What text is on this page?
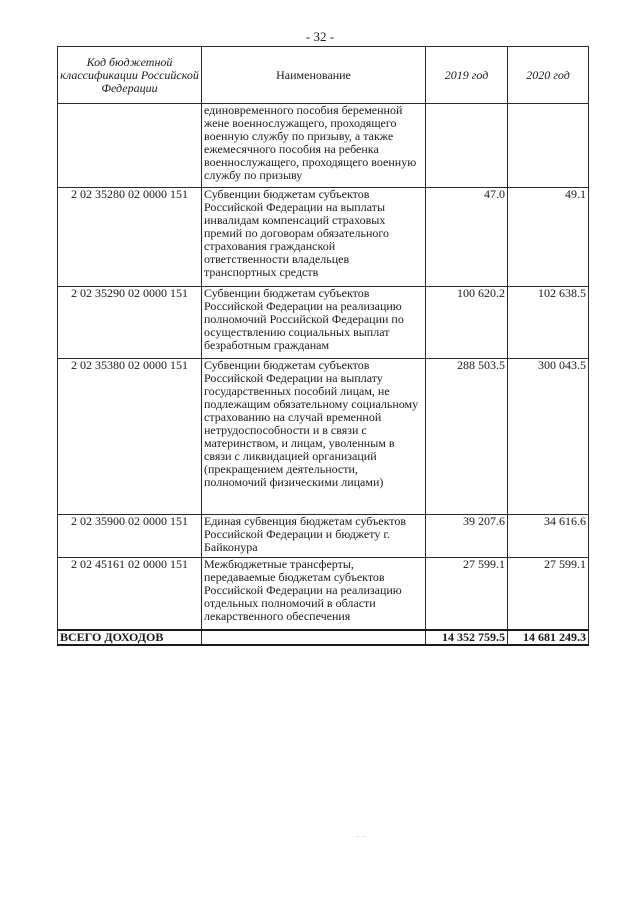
- 32 -
Код бюджетной классификации Российской Федерации	Наименование	2019 год	2020 год
	единовременного пособия беременной жене военнослужащего, проходящего военную службу по призыву, а также ежемесячного пособия на ребенка военнослужащего, проходящего военную службу по призыву		
2 02 35280 02 0000 151	Субвенции бюджетам субъектов Российской Федерации на выплаты инвалидам компенсаций страховых премий по договорам обязательного страхования гражданской ответственности владельцев транспортных средств	47.0	49.1
2 02 35290 02 0000 151	Субвенции бюджетам субъектов Российской Федерации на реализацию полномочий Российской Федерации по осуществлению социальных выплат безработным гражданам	100 620.2	102 638.5
2 02 35380 02 0000 151	Субвенции бюджетам субъектов Российской Федерации на выплату государственных пособий лицам, не подлежащим обязательному социальному страхованию на случай временной нетрудоспособности и в связи с материнством, и лицам, уволенным в связи с ликвидацией организаций (прекращением деятельности, полномочий физическими лицами)	288 503.5	300 043.5
2 02 35900 02 0000 151	Единая субвенция бюджетам субъектов Российской Федерации и бюджету г. Байконура	39 207.6	34 616.6
2 02 45161 02 0000 151	Межбюджетные трансферты, передаваемые бюджетам субъектов Российской Федерации на реализацию отдельных полномочий в области лекарственного обеспечения	27 599.1	27 599.1
ВСЕГО ДОХОДОВ		14 352 759.5	14 681 249.3
. .
